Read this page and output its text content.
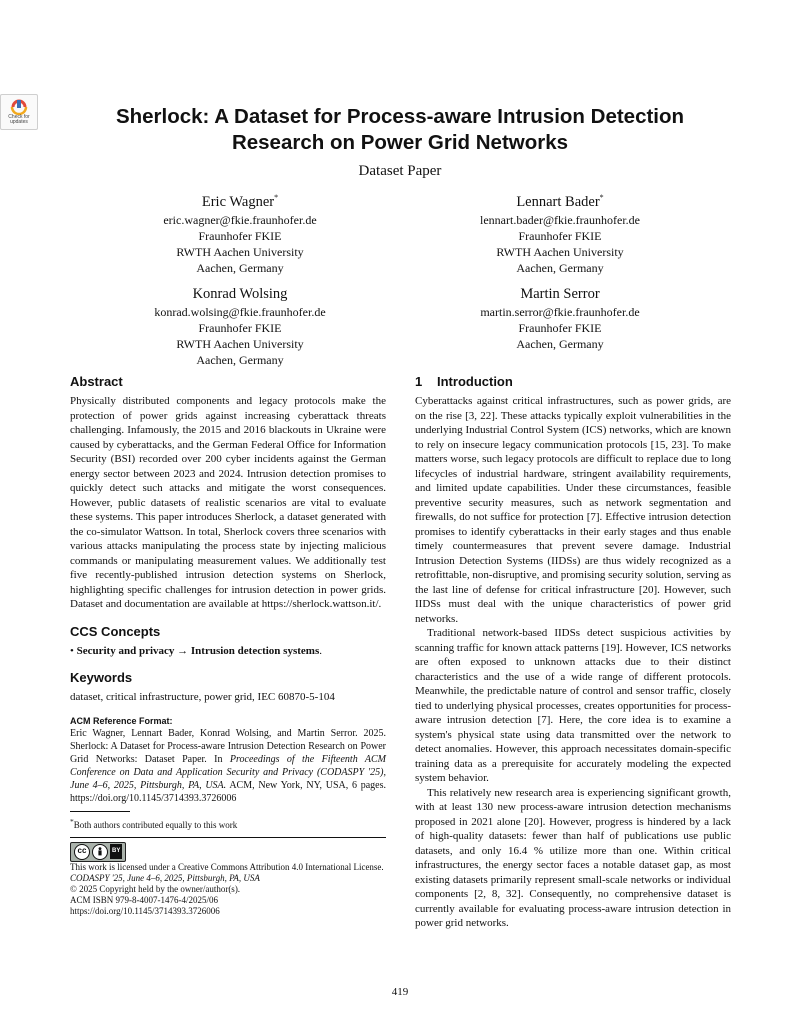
Check for updates	Sherlock: A Dataset for Process-aware Intrusion Detection Research on Power Grid Networks
Dataset Paper
Eric Wagner*
eric.wagner@fkie.fraunhofer.de
Fraunhofer FKIE
RWTH Aachen University
Aachen, Germany
Lennart Bader*
lennart.bader@fkie.fraunhofer.de
Fraunhofer FKIE
RWTH Aachen University
Aachen, Germany
Konrad Wolsing
konrad.wolsing@fkie.fraunhofer.de
Fraunhofer FKIE
RWTH Aachen University
Aachen, Germany
Martin Serror
martin.serror@fkie.fraunhofer.de
Fraunhofer FKIE
Aachen, Germany
Abstract

Physically distributed components and legacy protocols make the protection of power grids against increasing cyberattack threats challenging. Infamously, the 2015 and 2016 blackouts in Ukraine were caused by cyberattacks, and the German Federal Office for Information Security (BSI) recorded over 200 cyber incidents against the German energy sector between 2023 and 2024. Intrusion detection promises to quickly detect such attacks and mitigate the worst consequences. However, public datasets of realistic scenarios are vital to evaluate these systems. This paper introduces Sherlock, a dataset generated with the co-simulator Wattson. In total, Sherlock covers three scenarios with various attacks manipulating the process state by injecting malicious commands or manipulating measurement values. We additionally test five recently-published intrusion detection systems on Sherlock, highlighting specific challenges for intrusion detection in power grids. Dataset and documentation are available at https://sherlock.wattson.it/.

CCS Concepts

• Security and privacy → Intrusion detection systems.

Keywords

dataset, critical infrastructure, power grid, IEC 60870-5-104

ACM Reference Format:

Eric Wagner, Lennart Bader, Konrad Wolsing, and Martin Serror. 2025. Sherlock: A Dataset for Process-aware Intrusion Detection Research on Power Grid Networks: Dataset Paper. In Proceedings of the Fifteenth ACM Conference on Data and Application Security and Privacy (CODASPY '25), June 4–6, 2025, Pittsburgh, PA, USA. ACM, New York, NY, USA, 6 pages. https://doi.org/10.1145/3714393.3726006

*Both authors contributed equally to this work

cc	BY

This work is licensed under a Creative Commons Attribution 4.0 International License.

CODASPY '25, June 4–6, 2025, Pittsburgh, PA, USA

© 2025 Copyright held by the owner/author(s).

ACM ISBN 979-8-4007-1476-4/2025/06

https://doi.org/10.1145/3714393.3726006

1 Introduction

Cyberattacks against critical infrastructures, such as power grids, are on the rise [3, 22]. These attacks typically exploit vulnerabilities in the underlying Industrial Control System (ICS) networks, which are known to rely on insecure legacy communication protocols [15, 23]. To make matters worse, such legacy protocols are difficult to replace due to long lifecycles of industrial hardware, stringent availability requirements, and limited update capabilities. Under these circumstances, feasible preventive security measures, such as network segmentation and firewalls, do not suffice for protection [7]. Effective intrusion detection promises to identify cyberattacks in their early stages and thus enable timely countermeasures that prevent severe damage. Industrial Intrusion Detection Systems (IIDSs) are thus widely recognized as a retrofittable, non-disruptive, and promising security solution, serving as the last line of defense for critical infrastructure [20]. However, such IIDSs must deal with the unique characteristics of power grid networks.

Traditional network-based IIDSs detect suspicious activities by scanning traffic for known attack patterns [19]. However, ICS networks are often exposed to unknown attacks due to their distinct characteristics and the use of a wide range of different protocols. Meanwhile, the predictable nature of control and sensor traffic, closely tied to underlying physical processes, creates opportunities for process-aware intrusion detection [7]. Here, the core idea is to examine a system's physical state using data transmitted over the network to detect anomalies. However, this approach necessitates domain-specific training data as a prerequisite for accurately modeling the expected system behavior.

This relatively new research area is experiencing significant growth, with at least 130 new process-aware intrusion detection mechanisms proposed in 2021 alone [20]. However, progress is hindered by a lack of high-quality datasets: fewer than half of publications use public datasets, and only 16.4 % utilize more than one. Within critical infrastructures, the energy sector faces a notable dataset gap, as most existing datasets primarily represent small-scale networks or individual components [2, 8, 32]. Consequently, no comprehensive dataset is currently available for evaluating process-aware intrusion detection in power grid networks.

419
